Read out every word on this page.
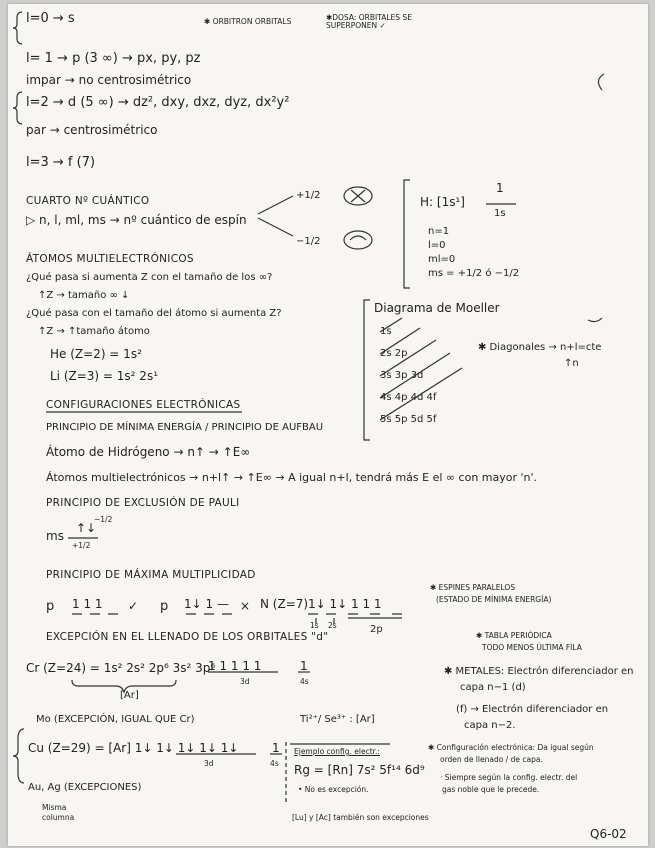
l=0 → s	✱ ORBITRON ORBITALS	✱DOSA: ORBITALES SE SUPERPONEN ✓
l= 1 → p (3 ∞) → px, py, pz
impar → no centrosimétrico
l=2 → d (5 ∞) → dz², dxy, dxz, dyz, dx²y²
par → centrosimétrico
l=3 → f (7)
CUARTO Nº CUÁNTICO
▷ n, l, ml, ms → nº cuántico de espín
+1/2
−1/2
H: [1s¹]
1
1s
n=1
l=0
ml=0
ms = +1/2 ó −1/2
ÁTOMOS MULTIELECTRÓNICOS
¿Qué pasa si aumenta Z con el tamaño de los ∞?
↑Z → tamaño ∞ ↓
¿Qué pasa con el tamaño del átomo si aumenta Z?
↑Z → ↑tamaño átomo
He (Z=2) = 1s²
Li (Z=3) = 1s² 2s¹
Diagrama de Moeller
1s
2s 2p
3s 3p 3d
4s 4p 4d 4f
5s 5p 5d 5f
✱ Diagonales → n+l=cte
↑n
CONFIGURACIONES ELECTRÓNICAS
PRINCIPIO DE MÍNIMA ENERGÍA / PRINCIPIO DE AUFBAU
Átomo de Hidrógeno → n↑ → ↑E∞
Átomos multielectrónicos → n+l↑ → ↑E∞ → A igual n+l, tendrá más E el ∞ con mayor 'n'.
PRINCIPIO DE EXCLUSIÓN DE PAULI
ms
↑↓
−1/2
+1/2
PRINCIPIO DE MÁXIMA MULTIPLICIDAD
p 1 1 1 ✓ p 1↓ 1 — × N (Z=7) 1↓ 1↓ 1 1 1
1s 2s	2p
✱ ESPINES PARALELOS
(ESTADO DE MÍNIMA ENERGÍA)
EXCEPCIÓN EN EL LLENADO DE LOS ORBITALES "d"	✱ TABLA PERIÓDICA
TODO MENOS ÚLTIMA FILA
Cr (Z=24) = 1s² 2s² 2p⁶ 3s² 3p⁶
[Ar]
1 1 1 1 1
3d
1
4s
✱ METALES: Electrón diferenciador en
capa n−1 (d)
(f) → Electrón diferenciador en
capa n−2.
Mo (EXCEPCIÓN, IGUAL QUE Cr)	Ti²⁺/ Se³⁺ : [Ar]
Cu (Z=29) = [Ar] 1↓ 1↓ 1↓ 1↓ 1↓
3d
1
4s
Au, Ag (EXCEPCIONES)
Misma
columna
Ejemplo config. electr.:
Rg = [Rn] 7s² 5f¹⁴ 6d⁹
• No es excepción.
✱ Configuración electrónica: Da igual según
orden de llenado / de capa.
· Siempre según la config. electr. del
gas noble que le precede.
[Lu] y [Ac] también son excepciones
Q6-02
